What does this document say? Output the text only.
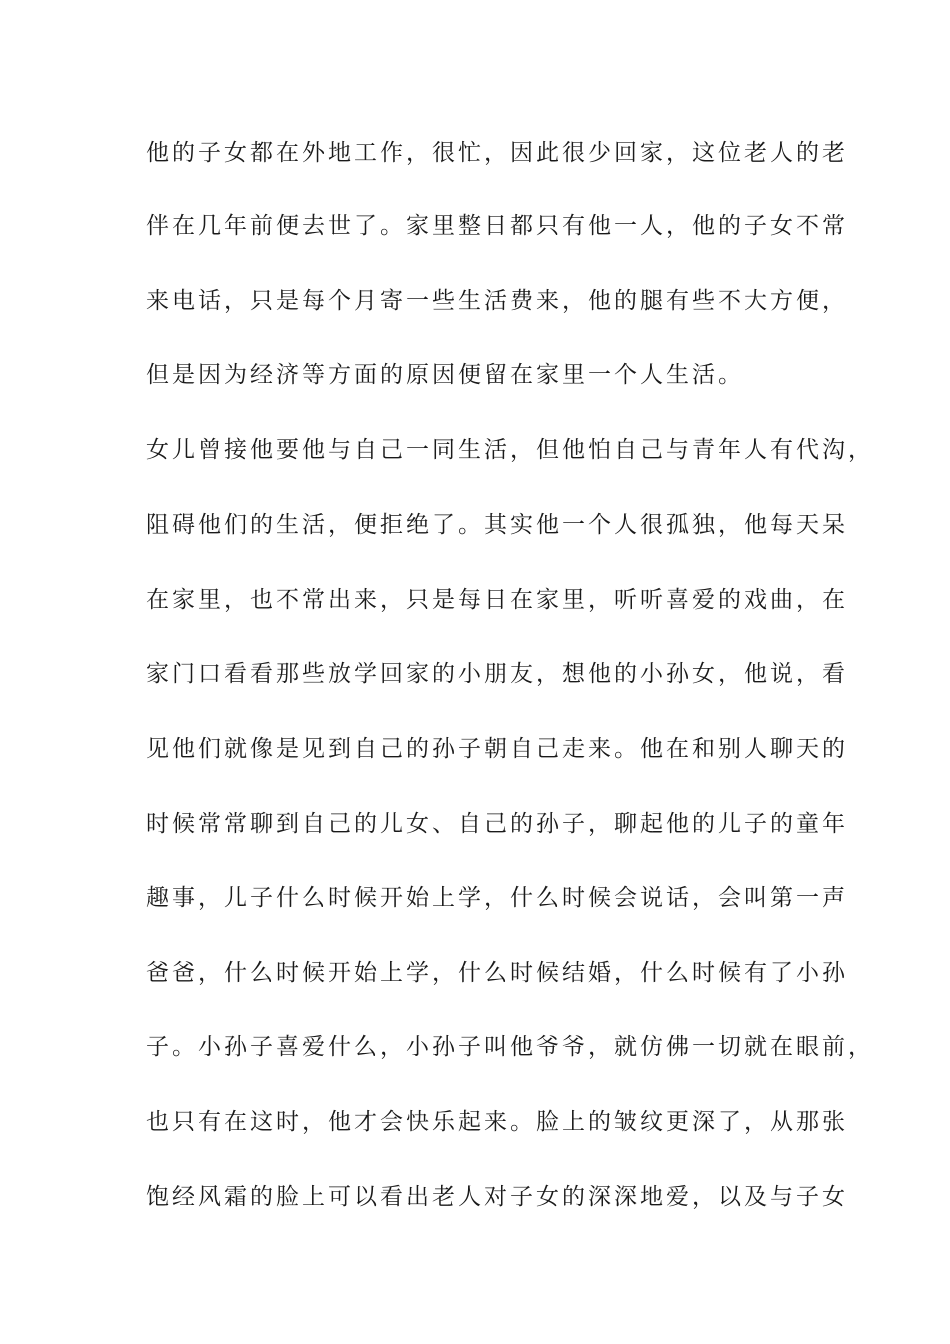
他的子女都在外地工作，很忙，因此很少回家，这位老人的老

伴在几年前便去世了。家里整日都只有他一人，他的子女不常

来电话，只是每个月寄一些生活费来，他的腿有些不大方便，

但是因为经济等方面的原因便留在家里一个人生活。

女儿曾接他要他与自己一同生活，但他怕自己与青年人有代沟，

阻碍他们的生活，便拒绝了。其实他一个人很孤独，他每天呆

在家里，也不常出来，只是每日在家里，听听喜爱的戏曲，在

家门口看看那些放学回家的小朋友，想他的小孙女，他说，看

见他们就像是见到自己的孙子朝自己走来。他在和别人聊天的

时候常常聊到自己的儿女、自己的孙子，聊起他的儿子的童年

趣事，儿子什么时候开始上学，什么时候会说话，会叫第一声

爸爸，什么时候开始上学，什么时候结婚，什么时候有了小孙

子。小孙子喜爱什么，小孙子叫他爷爷，就仿佛一切就在眼前，

也只有在这时，他才会快乐起来。脸上的皱纹更深了，从那张

饱经风霜的脸上可以看出老人对子女的深深地爱，以及与子女
